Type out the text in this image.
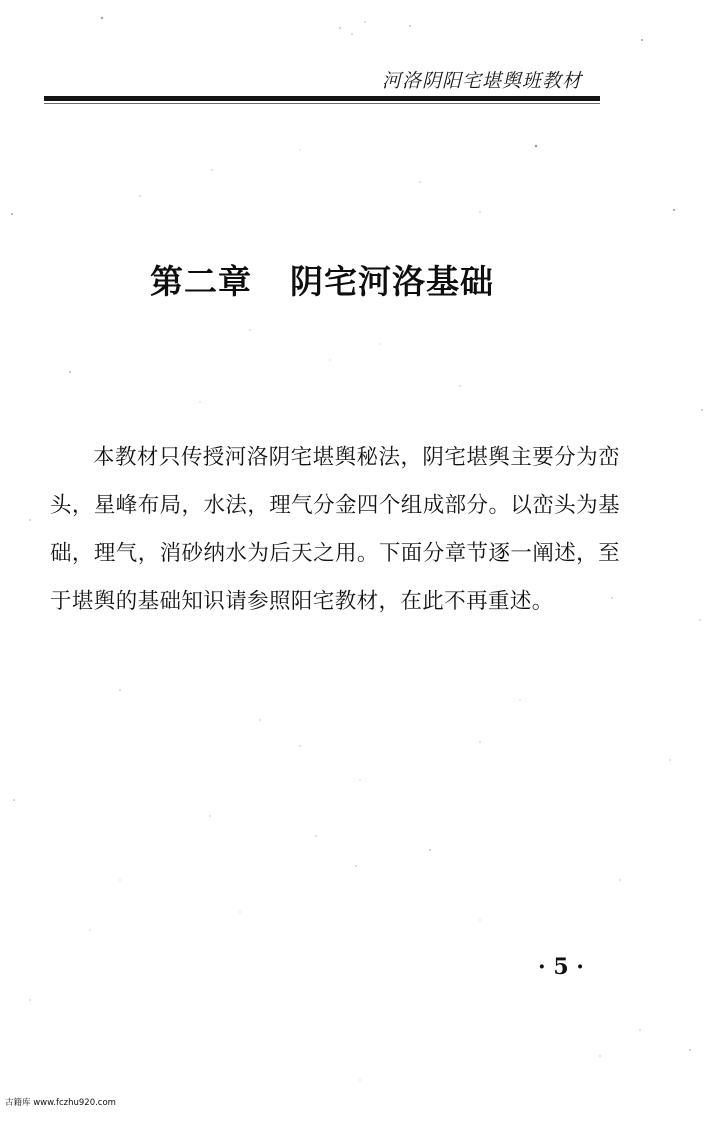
河洛阴阳宅堪舆班教材
第二章 阴宅河洛基础

本教材只传授河洛阴宅堪舆秘法，阴宅堪舆主要分为峦头，星峰布局，水法，理气分金四个组成部分。以峦头为基础，理气，消砂纳水为后天之用。下面分章节逐一阐述，至于堪舆的基础知识请参照阳宅教材，在此不再重述。

· 5 ·
古籍库 www.fczhu920.com
